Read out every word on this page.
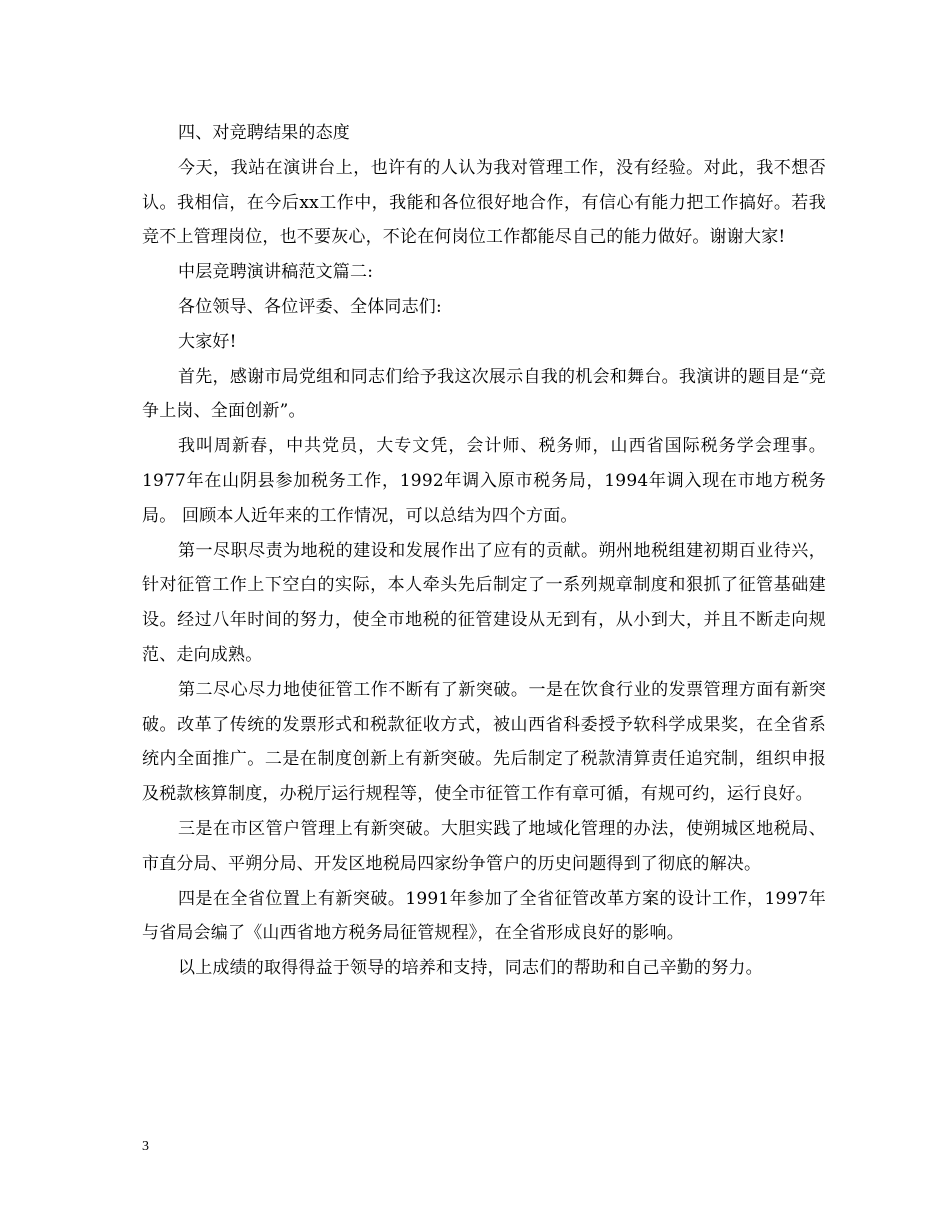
四、对竞聘结果的态度

今天，我站在演讲台上，也许有的人认为我对管理工作，没有经验。对此，我不想否认。我相信，在今后xx工作中，我能和各位很好地合作，有信心有能力把工作搞好。若我竞不上管理岗位，也不要灰心，不论在何岗位工作都能尽自己的能力做好。谢谢大家!

中层竞聘演讲稿范文篇二:

各位领导、各位评委、全体同志们:

大家好!

首先，感谢市局党组和同志们给予我这次展示自我的机会和舞台。我演讲的题目是“竞争上岗、全面创新”。

我叫周新春，中共党员，大专文凭，会计师、税务师，山西省国际税务学会理事。1977年在山阴县参加税务工作，1992年调入原市税务局，1994年调入现在市地方税务局。 回顾本人近年来的工作情况，可以总结为四个方面。

第一尽职尽责为地税的建设和发展作出了应有的贡献。朔州地税组建初期百业待兴，针对征管工作上下空白的实际，本人牵头先后制定了一系列规章制度和狠抓了征管基础建设。经过八年时间的努力，使全市地税的征管建设从无到有，从小到大，并且不断走向规范、走向成熟。

第二尽心尽力地使征管工作不断有了新突破。一是在饮食行业的发票管理方面有新突破。改革了传统的发票形式和税款征收方式，被山西省科委授予软科学成果奖，在全省系统内全面推广。二是在制度创新上有新突破。先后制定了税款清算责任追究制，组织申报及税款核算制度，办税厅运行规程等，使全市征管工作有章可循，有规可约，运行良好。

三是在市区管户管理上有新突破。大胆实践了地域化管理的办法，使朔城区地税局、市直分局、平朔分局、开发区地税局四家纷争管户的历史问题得到了彻底的解决。

四是在全省位置上有新突破。1991年参加了全省征管改革方案的设计工作，1997年与省局会编了《山西省地方税务局征管规程》，在全省形成良好的影响。

以上成绩的取得得益于领导的培养和支持，同志们的帮助和自己辛勤的努力。

3
